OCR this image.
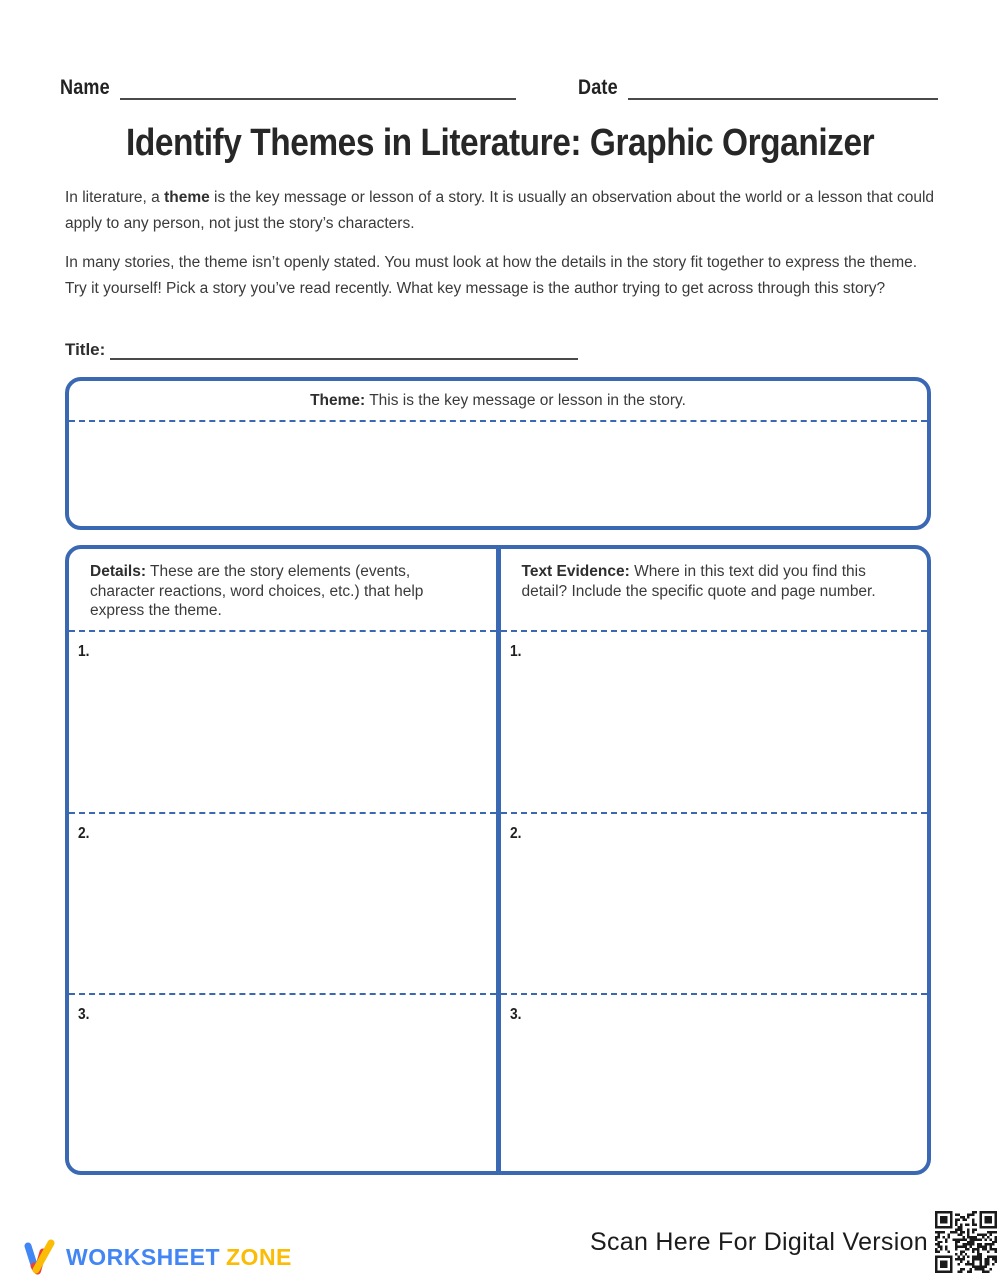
Name	Date
Identify Themes in Literature: Graphic Organizer

In literature, a theme is the key message or lesson of a story. It is usually an observation about the world or a lesson that could apply to any person, not just the story’s characters.

In many stories, the theme isn’t openly stated. You must look at how the details in the story fit together to express the theme. Try it yourself! Pick a story you’ve read recently. What key message is the author trying to get across through this story?

Title:
Theme: This is the key message or lesson in the story.
Details: These are the story elements (events, character reactions, word choices, etc.) that help express the theme.
1.
2.
3.
Text Evidence: Where in this text did you find this detail? Include the specific quote and page number.
1.
2.
3.
WORKSHEET ZONE
Scan Here For Digital Version
